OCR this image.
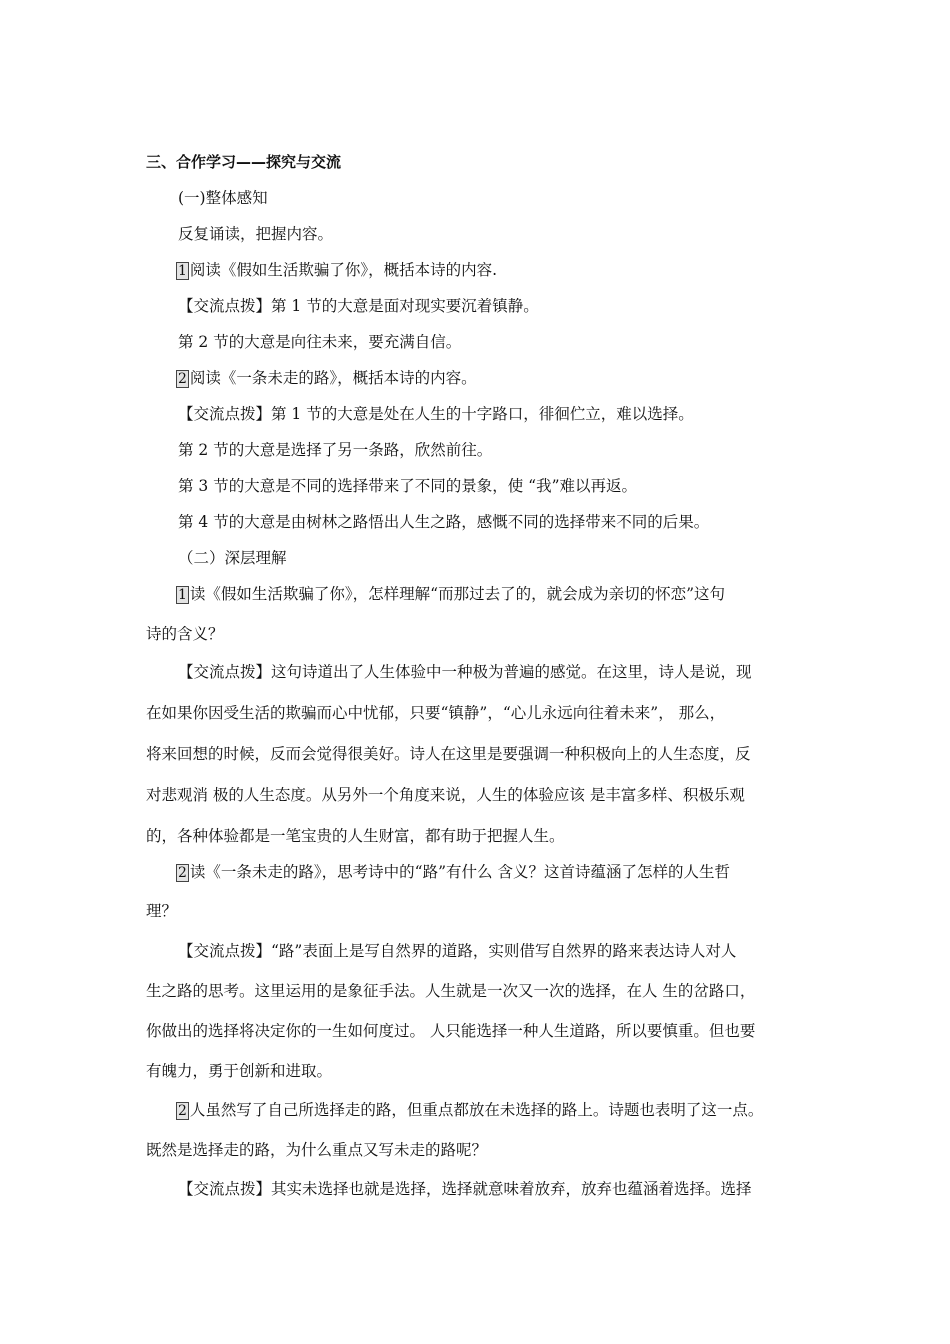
三、合作学习——探究与交流
(一)整体感知
反复诵读，把握内容。
1 阅读《假如生活欺骗了你》，概括本诗的内容.
【交流点拨】第 1 节的大意是面对现实要沉着镇静。
第 2 节的大意是向往未来，要充满自信。
2 阅读《一条未走的路》，概括本诗的内容。
【交流点拨】第 1 节的大意是处在人生的十字路口，徘徊伫立，难以选择。
第 2 节的大意是选择了另一条路，欣然前往。
第 3 节的大意是不同的选择带来了不同的景象，使 “我”难以再返。
第 4 节的大意是由树林之路悟出人生之路，感慨不同的选择带来不同的后果。
（二）深层理解
1 读《假如生活欺骗了你》，怎样理解“而那过去了的，就会成为亲切的怀恋”这句
诗的含义？
【交流点拨】这句诗道出了人生体验中一种极为普遍的感觉。在这里，诗人是说，现
在如果你因受生活的欺骗而心中忧郁，只要“镇静”，“心儿永远向往着未来”， 那么，
将来回想的时候，反而会觉得很美好。诗人在这里是要强调一种积极向上的人生态度，反
对悲观消 极的人生态度。从另外一个角度来说，人生的体验应该 是丰富多样、积极乐观
的，各种体验都是一笔宝贵的人生财富，都有助于把握人生。
2 读《一条未走的路》，思考诗中的“路”有什么 含义？这首诗蕴涵了怎样的人生哲
理？
【交流点拨】“路”表面上是写自然界的道路，实则借写自然界的路来表达诗人对人
生之路的思考。这里运用的是象征手法。人生就是一次又一次的选择，在人 生的岔路口，
你做出的选择将决定你的一生如何度过。 人只能选择一种人生道路，所以要慎重。但也要
有魄力，勇于创新和进取。
2 人虽然写了自己所选择走的路，但重点都放在未选择的路上。诗题也表明了这一点。
既然是选择走的路，为什么重点又写未走的路呢？
【交流点拨】其实未选择也就是选择，选择就意味着放弃，放弃也蕴涵着选择。选择
